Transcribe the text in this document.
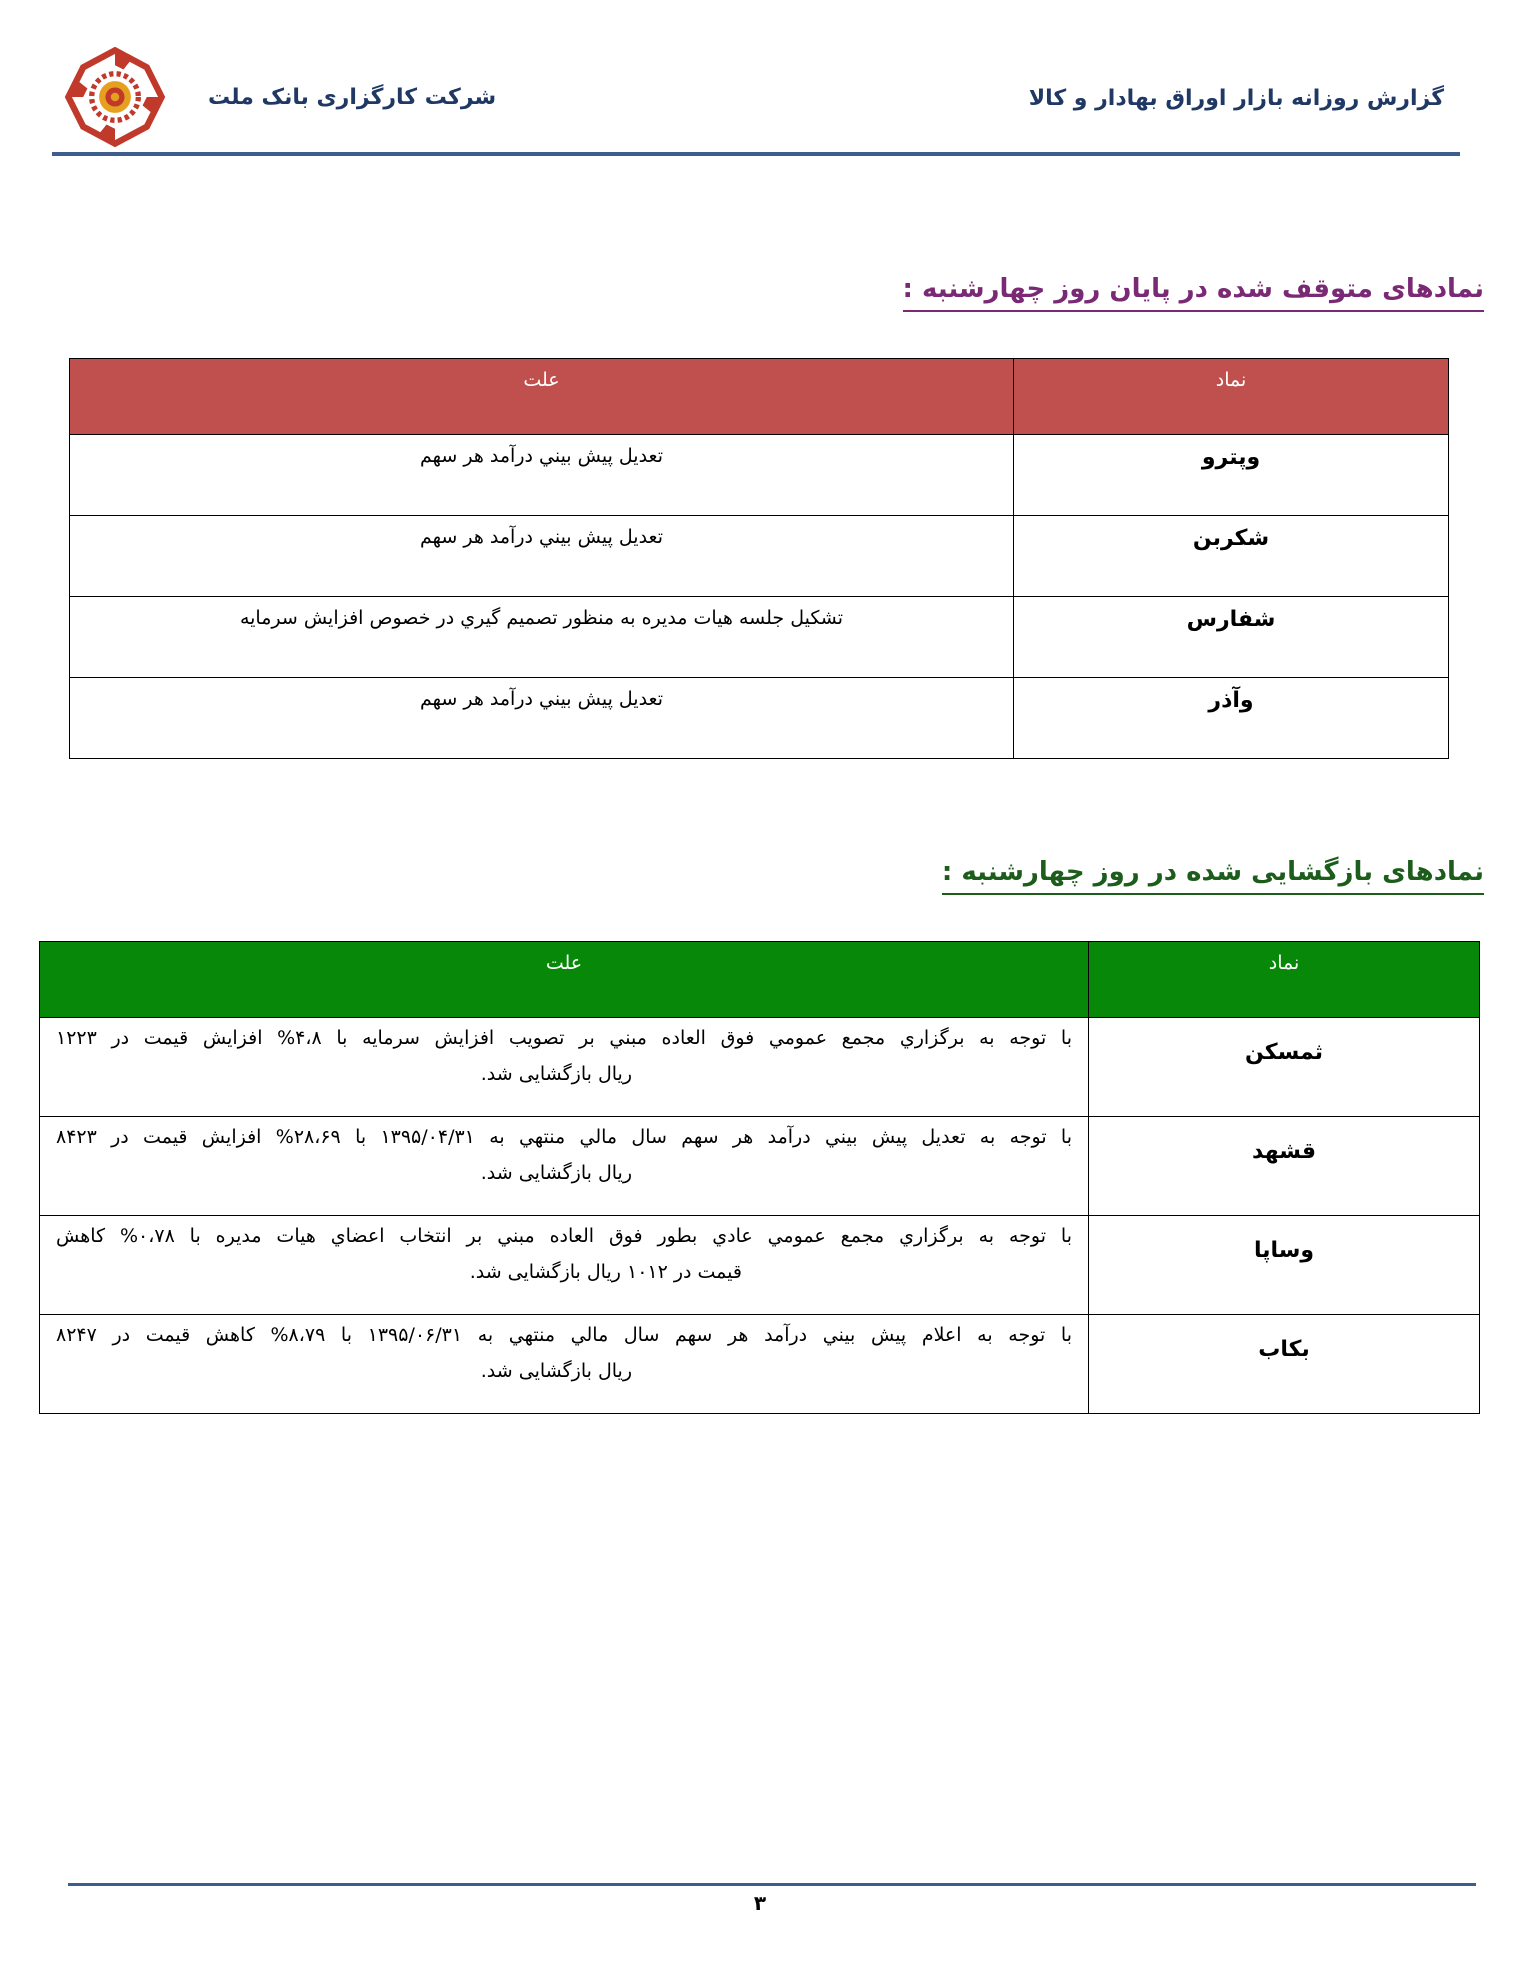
شرکت کارگزاری بانک ملت	گزارش روزانه بازار اوراق بهادار و کالا
نمادهای متوقف شده در پایان روز چهارشنبه :
نماد	علت
وپترو	تعديل پيش بيني درآمد هر سهم
شکربن	تعديل پيش بيني درآمد هر سهم
شفارس	تشكيل جلسه هيات مديره به منظور تصميم گيري در خصوص افزايش سرمايه
وآذر	تعديل پيش بيني درآمد هر سهم
نمادهای بازگشایی شده در روز چهارشنبه :
نماد	علت
ثمسکن	با توجه به برگزاري مجمع عمومي فوق العاده مبني بر تصويب افزايش سرمايه با ۴،۸% افزايش قيمت در ۱۲۲۳
ريال بازگشايی شد.

قشهد	با توجه به تعديل پيش بيني درآمد هر سهم سال مالي منتهي به ۱۳۹۵/۰۴/۳۱ با ۲۸،۶۹% افزايش قيمت در ۸۴۲۳
ريال بازگشايی شد.

وساپا	با توجه به برگزاري مجمع عمومي عادي بطور فوق العاده مبني بر انتخاب اعضاي هيات مديره با ۰،۷۸% كاهش
قيمت در ۱۰۱۲ ريال بازگشايی شد.

بکاب	با توجه به اعلام پيش بيني درآمد هر سهم سال مالي منتهي به ۱۳۹۵/۰۶/۳۱ با ۸،۷۹% كاهش قيمت در ۸۲۴۷
ريال بازگشايی شد.
۳
